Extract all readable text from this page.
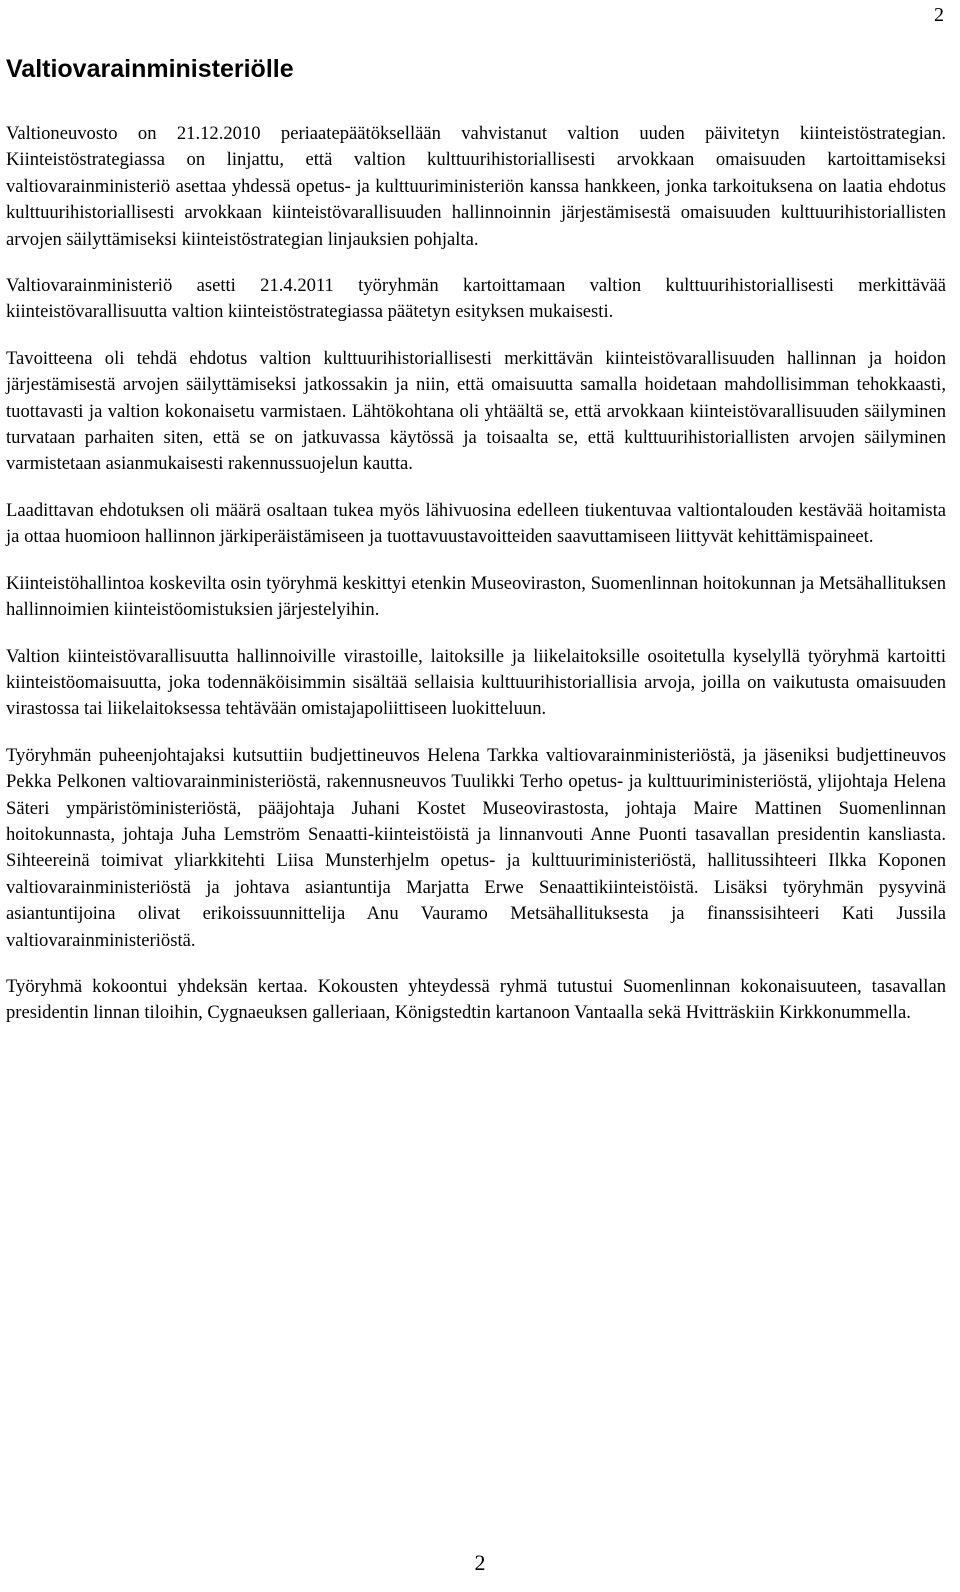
2
Valtiovarainministeriölle

Valtioneuvosto on 21.12.2010 periaatepäätöksellään vahvistanut valtion uuden päivitetyn kiinteistöstrategian. Kiinteistöstrategiassa on linjattu, että valtion kulttuurihistoriallisesti arvokkaan omaisuuden kartoittamiseksi valtiovarainministeriö asettaa yhdessä opetus- ja kulttuuriministeriön kanssa hankkeen, jonka tarkoituksena on laatia ehdotus kulttuurihistoriallisesti arvokkaan kiinteistövarallisuuden hallinnoinnin järjestämisestä omaisuuden kulttuurihistoriallisten arvojen säilyttämiseksi kiinteistöstrategian linjauksien pohjalta.

Valtiovarainministeriö asetti 21.4.2011 työryhmän kartoittamaan valtion kulttuurihistoriallisesti merkittävää kiinteistövarallisuutta valtion kiinteistöstrategiassa päätetyn esityksen mukaisesti.

Tavoitteena oli tehdä ehdotus valtion kulttuurihistoriallisesti merkittävän kiinteistövarallisuuden hallinnan ja hoidon järjestämisestä arvojen säilyttämiseksi jatkossakin ja niin, että omaisuutta samalla hoidetaan mahdollisimman tehokkaasti, tuottavasti ja valtion kokonaisetu varmistaen. Lähtökohtana oli yhtäältä se, että arvokkaan kiinteistövarallisuuden säilyminen turvataan parhaiten siten, että se on jatkuvassa käytössä ja toisaalta se, että kulttuurihistoriallisten arvojen säilyminen varmistetaan asianmukaisesti rakennussuojelun kautta.

Laadittavan ehdotuksen oli määrä osaltaan tukea myös lähivuosina edelleen tiukentuvaa valtiontalouden kestävää hoitamista ja ottaa huomioon hallinnon järkiperäistämiseen ja tuottavuustavoitteiden saavuttamiseen liittyvät kehittämispaineet.

Kiinteistöhallintoa koskevilta osin työryhmä keskittyi etenkin Museoviraston, Suomenlinnan hoitokunnan ja Metsähallituksen hallinnoimien kiinteistöomistuksien järjestelyihin.

Valtion kiinteistövarallisuutta hallinnoiville virastoille, laitoksille ja liikelaitoksille osoitetulla kyselyllä työryhmä kartoitti kiinteistöomaisuutta, joka todennäköisimmin sisältää sellaisia kulttuurihistoriallisia arvoja, joilla on vaikutusta omaisuuden virastossa tai liikelaitoksessa tehtävään omistajapoliittiseen luokitteluun.

Työryhmän puheenjohtajaksi kutsuttiin budjettineuvos Helena Tarkka valtiovarainministeriöstä, ja jäseniksi budjettineuvos Pekka Pelkonen valtiovarainministeriöstä, rakennusneuvos Tuulikki Terho opetus- ja kulttuuriministeriöstä, ylijohtaja Helena Säteri ympäristöministeriöstä, pääjohtaja Juhani Kostet Museovirastosta, johtaja Maire Mattinen Suomenlinnan hoitokunnasta, johtaja Juha Lemström Senaatti-kiinteistöistä ja linnanvouti Anne Puonti tasavallan presidentin kansliasta. Sihteereinä toimivat yliarkkitehti Liisa Munsterhjelm opetus- ja kulttuuriministeriöstä, hallitussihteeri Ilkka Koponen valtiovarainministeriöstä ja johtava asiantuntija Marjatta Erwe Senaattikiinteistöistä. Lisäksi työryhmän pysyvinä asiantuntijoina olivat erikoissuunnittelija Anu Vauramo Metsähallituksesta ja finanssisihteeri Kati Jussila valtiovarainministeriöstä.

Työryhmä kokoontui yhdeksän kertaa. Kokousten yhteydessä ryhmä tutustui Suomenlinnan kokonaisuuteen, tasavallan presidentin linnan tiloihin, Cygnaeuksen galleriaan, Königstedtin kartanoon Vantaalla sekä Hvitträskiin Kirkkonummella.

2
